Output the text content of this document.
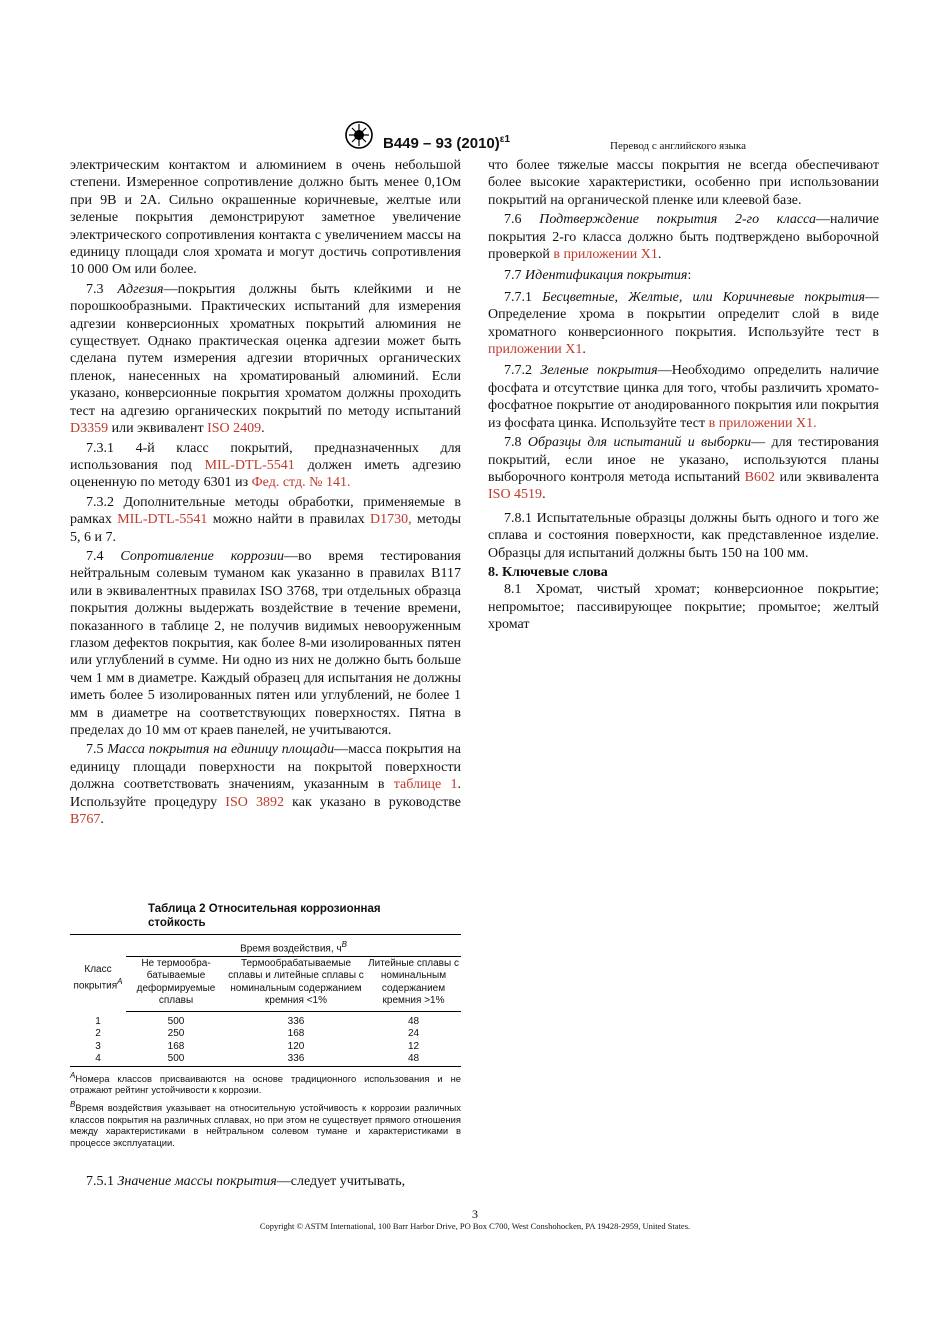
B449 – 93 $(2010)^{\varepsilon 1}$
Перевод с английского языка

электрическим контактом и алюминием в очень небольшой степени. Измеренное сопротивление должно быть менее 0,1Ом при 9B и 2A. Сильно окрашенные коричневые, желтые или зеленые покрытия демонстрируют заметное увеличение электрического сопротивления контакта с увеличением массы на единицу площади слоя хромата и могут достичь сопротивления 10 000 Ом или более.

7.3 Адгезия—покрытия должны быть клейкими и не порошкообразными. Практических испытаний для измерения адгезии конверсионных хроматных покрытий алюминия не существует. Однако практическая оценка адгезии может быть сделана путем измерения адгезии вторичных органических пленок, нанесенных на хроматированый алюминий. Если указано, конверсионные покрытия хроматом должны проходить тест на адгезию органических покрытий по методу испытаний D3359 или эквивалент ISO 2409.

7.3.1 4-й класс покрытий, предназначенных для использования под MIL-DTL-5541 должен иметь адгезию оцененную по методу 6301 из Фед. стд. № 141.

7.3.2 Дополнительные методы обработки, применяемые в рамках MIL-DTL-5541 можно найти в правилах D1730, методы 5, 6 и 7.

7.4 Сопротивление коррозии—во время тестирования нейтральным солевым туманом как указанно в правилах B117 или в эквивалентных правилах ISO 3768, три отдельных образца покрытия должны выдержать воздействие в течение времени, показанного в таблице 2, не получив видимых невооруженным глазом дефектов покрытия, как более 8-ми изолированных пятен или углублений в сумме. Ни одно из них не должно быть больше чем 1 мм в диаметре. Каждый образец для испытания не должны иметь более 5 изолированных пятен или углублений, не более 1 мм в диаметре на соответствующих поверхностях. Пятна в пределах до 10 мм от краев панелей, не учитываются.

7.5 Масса покрытия на единицу площади—масса покрытия на единицу площади поверхности на покрытой поверхности должна соответствовать значениям, указанным в таблице 1. Используйте процедуру ISO 3892 как указано в руководстве B767.

Таблица 2 Относительная коррозионная стойкость
Класс покрытия$^A$	Время воздействия, $ч^B$
	Не термообра-батываемые деформируемые сплавы	Термообрабатываемые сплавы и литейные сплавы с номинальным содержанием кремния <1%	Литейные сплавы с номинальным содержанием кремния >1%
1	500	336	48
2	250	168	24
3	168	120	12
4	500	336	48
$^A$Номера классов присваиваются на основе традиционного использования и не отражают рейтинг устойчивости к коррозии.
$^B$Время воздействия указывает на относительную устойчивость к коррозии различных классов покрытия на различных сплавах, но при этом не существует прямого отношения между характеристиками в нейтральном солевом тумане и характеристиками в процессе эксплуатации.
7.5.1 Значение массы покрытия—следует учитывать,

что более тяжелые массы покрытия не всегда обеспечивают более высокие характеристики, особенно при использовании покрытий на органической пленке или клеевой базе.

7.6 Подтверждение покрытия 2-го класса—наличие покрытия 2-го класса должно быть подтверждено выборочной проверкой в приложении X1.

7.7 Идентификация покрытия:

7.7.1 Бесцветные, Желтые, или Коричневые покрытия—Определение хрома в покрытии определит слой в виде хроматного конверсионного покрытия. Используйте тест в приложении X1.

7.7.2 Зеленые покрытия—Необходимо определить наличие фосфата и отсутствие цинка для того, чтобы различить хромато-фосфатное покрытие от анодированного покрытия или покрытия из фосфата цинка. Используйте тест в приложении X1.

7.8 Образцы для испытаний и выборки— для тестирования покрытий, если иное не указано, используются планы выборочного контроля метода испытаний B602 или эквивалента ISO 4519.

7.8.1 Испытательные образцы должны быть одного и того же сплава и состояния поверхности, как представленное изделие. Образцы для испытаний должны быть 150 на 100 мм.

8. Ключевые слова

8.1 Хромат, чистый хромат; конверсионное покрытие; непромытое; пассивирующее покрытие; промытое; желтый хромат

3
Copyright © ASTM International, 100 Barr Harbor Drive, PO Box C700, West Conshohocken, PA 19428-2959, United States.
